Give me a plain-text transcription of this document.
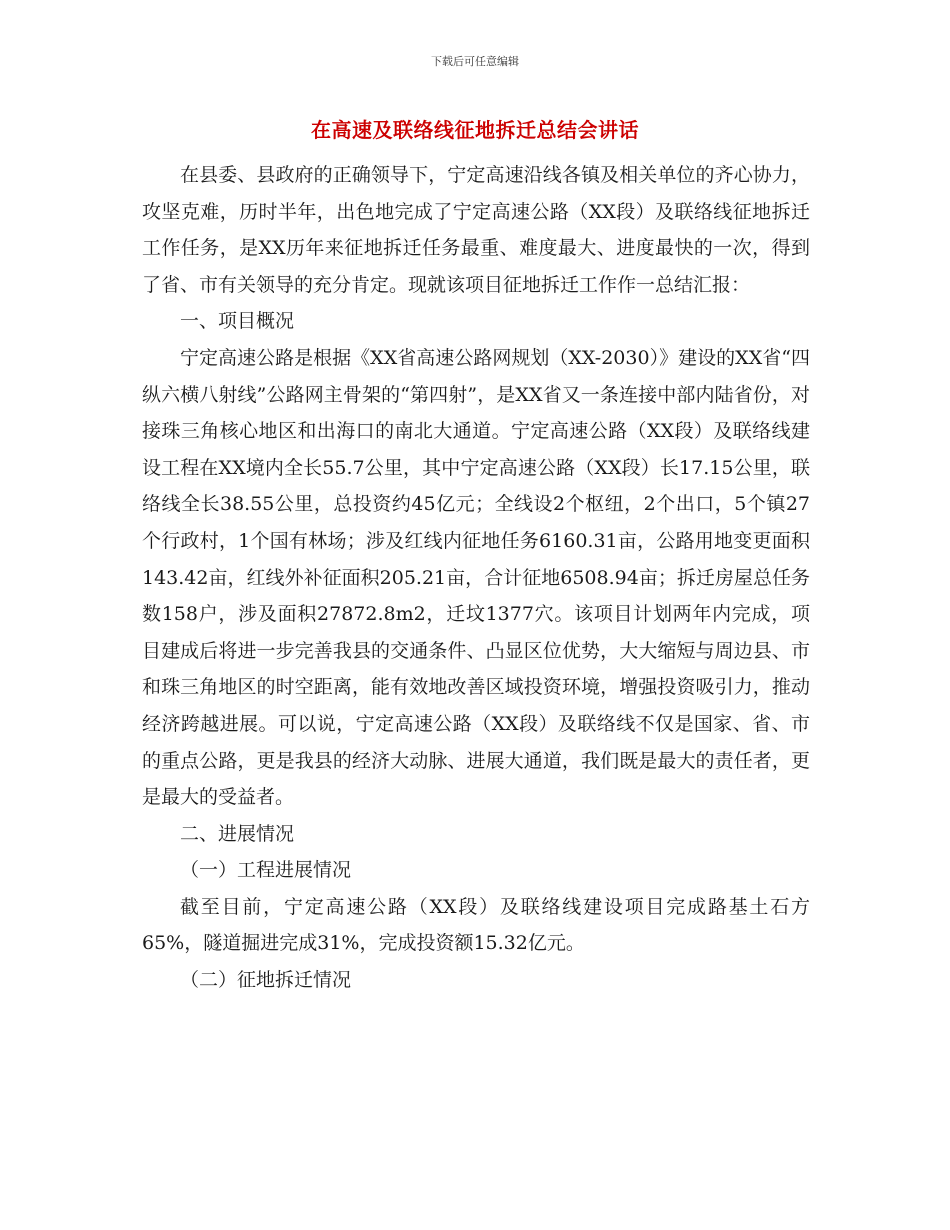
下载后可任意编辑
在高速及联络线征地拆迁总结会讲话

在县委、县政府的正确领导下，宁定高速沿线各镇及相关单位的齐心协力，攻坚克难，历时半年，出色地完成了宁定高速公路（XX段）及联络线征地拆迁工作任务，是XX历年来征地拆迁任务最重、难度最大、进度最快的一次，得到了省、市有关领导的充分肯定。现就该项目征地拆迁工作作一总结汇报：

一、项目概况

宁定高速公路是根据《XX省高速公路网规划（XX-2030）》建设的XX省“四纵六横八射线”公路网主骨架的“第四射”，是XX省又一条连接中部内陆省份，对接珠三角核心地区和出海口的南北大通道。宁定高速公路（XX段）及联络线建设工程在XX境内全长55.7公里，其中宁定高速公路（XX段）长17.15公里，联络线全长38.55公里，总投资约45亿元；全线设2个枢纽，2个出口，5个镇27个行政村，1个国有林场；涉及红线内征地任务6160.31亩，公路用地变更面积143.42亩，红线外补征面积205.21亩，合计征地6508.94亩；拆迁房屋总任务数158户，涉及面积27872.8m2，迁坟1377穴。该项目计划两年内完成，项目建成后将进一步完善我县的交通条件、凸显区位优势，大大缩短与周边县、市和珠三角地区的时空距离，能有效地改善区域投资环境，增强投资吸引力，推动经济跨越进展。可以说，宁定高速公路（XX段）及联络线不仅是国家、省、市的重点公路，更是我县的经济大动脉、进展大通道，我们既是最大的责任者，更是最大的受益者。

二、进展情况

（一）工程进展情况

截至目前，宁定高速公路（XX段）及联络线建设项目完成路基土石方65%，隧道掘进完成31%，完成投资额15.32亿元。

（二）征地拆迁情况
